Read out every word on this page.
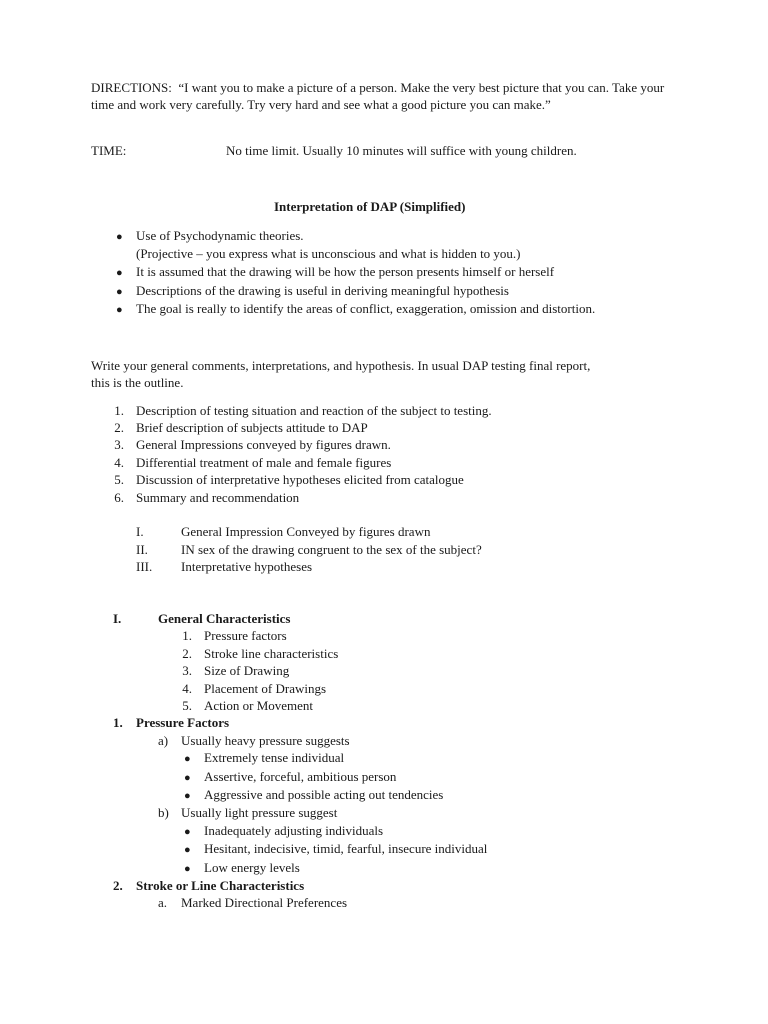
DIRECTIONS: “I want you to make a picture of a person. Make the very best picture that you can. Take your time and work very carefully. Try very hard and see what a good picture you can make.”
TIME:	No time limit. Usually 10 minutes will suffice with young children.
Interpretation of DAP (Simplified)
● Use of Psychodynamic theories.
(Projective – you express what is unconscious and what is hidden to you.)
● It is assumed that the drawing will be how the person presents himself or herself
● Descriptions of the drawing is useful in deriving meaningful hypothesis
● The goal is really to identify the areas of conflict, exaggeration, omission and distortion.
Write your general comments, interpretations, and hypothesis. In usual DAP testing final report,
this is the outline.
1. Description of testing situation and reaction of the subject to testing.
2. Brief description of subjects attitude to DAP
3. General Impressions conveyed by figures drawn.
4. Differential treatment of male and female figures
5. Discussion of interpretative hypotheses elicited from catalogue
6. Summary and recommendation
I.	General Impression Conveyed by figures drawn
II.	IN sex of the drawing congruent to the sex of the subject?
III. Interpretative hypotheses
I.	General Characteristics
1. Pressure factors
2. Stroke line characteristics
3. Size of Drawing
4. Placement of Drawings
5. Action or Movement
1. Pressure Factors
a) Usually heavy pressure suggests
● Extremely tense individual
● Assertive, forceful, ambitious person
● Aggressive and possible acting out tendencies
b) Usually light pressure suggest
● Inadequately adjusting individuals
● Hesitant, indecisive, timid, fearful, insecure individual
● Low energy levels
2. Stroke or Line Characteristics
a. Marked Directional Preferences
